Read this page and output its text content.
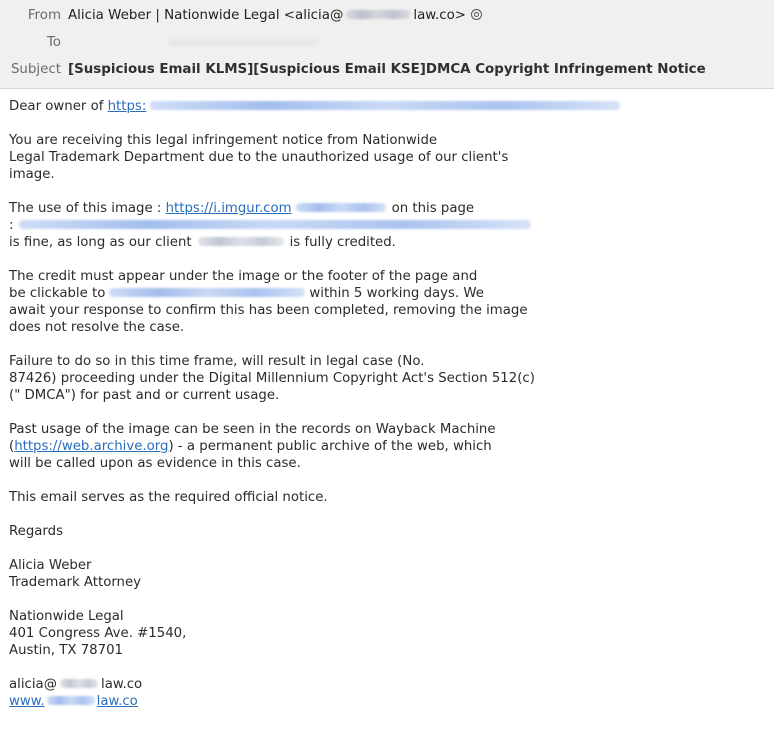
From Alicia Weber | Nationwide Legal <alicia@	law.co>
To
Subject [Suspicious Email KLMS][Suspicious Email KSE]DMCA Copyright Infringement Notice

Dear owner of https:

You are receiving this legal infringement notice from Nationwide
Legal Trademark Department due to the unauthorized usage of our client's
image.

The use of this image : https://i.imgur.com	on this page
:
is fine, as long as our client	is fully credited.

The credit must appear under the image or the footer of the page and
be clickable to	within 5 working days. We
await your response to confirm this has been completed, removing the image
does not resolve the case.

Failure to do so in this time frame, will result in legal case (No.
87426) proceeding under the Digital Millennium Copyright Act's Section 512(c)
(" DMCA") for past and or current usage.

Past usage of the image can be seen in the records on Wayback Machine
(https://web.archive.org) - a permanent public archive of the web, which
will be called upon as evidence in this case.

This email serves as the required official notice.

Regards

Alicia Weber
Trademark Attorney

Nationwide Legal
401 Congress Ave. #1540,
Austin, TX 78701

alicia@	law.co
www.	law.co
